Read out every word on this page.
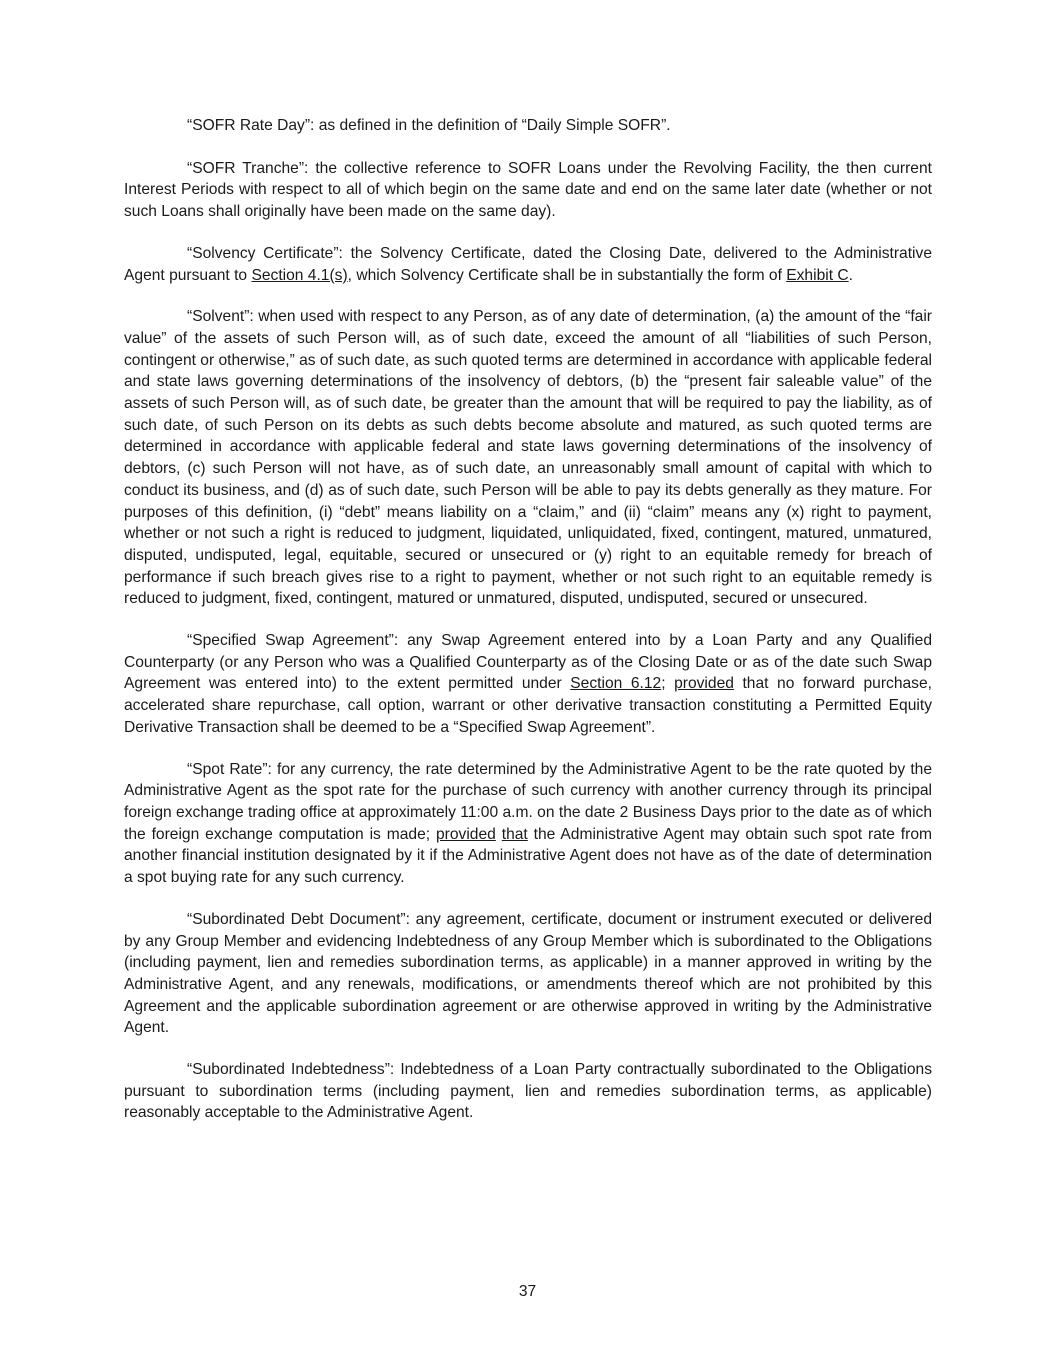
“SOFR Rate Day”: as defined in the definition of “Daily Simple SOFR”.

“SOFR Tranche”: the collective reference to SOFR Loans under the Revolving Facility, the then current Interest Periods with respect to all of which begin on the same date and end on the same later date (whether or not such Loans shall originally have been made on the same day).

“Solvency Certificate”: the Solvency Certificate, dated the Closing Date, delivered to the Administrative Agent pursuant to Section 4.1(s), which Solvency Certificate shall be in substantially the form of Exhibit C.

“Solvent”: when used with respect to any Person, as of any date of determination, (a) the amount of the “fair value” of the assets of such Person will, as of such date, exceed the amount of all “liabilities of such Person, contingent or otherwise,” as of such date, as such quoted terms are determined in accordance with applicable federal and state laws governing determinations of the insolvency of debtors, (b) the “present fair saleable value” of the assets of such Person will, as of such date, be greater than the amount that will be required to pay the liability, as of such date, of such Person on its debts as such debts become absolute and matured, as such quoted terms are determined in accordance with applicable federal and state laws governing determinations of the insolvency of debtors, (c) such Person will not have, as of such date, an unreasonably small amount of capital with which to conduct its business, and (d) as of such date, such Person will be able to pay its debts generally as they mature. For purposes of this definition, (i) “debt” means liability on a “claim,” and (ii) “claim” means any (x) right to payment, whether or not such a right is reduced to judgment, liquidated, unliquidated, fixed, contingent, matured, unmatured, disputed, undisputed, legal, equitable, secured or unsecured or (y) right to an equitable remedy for breach of performance if such breach gives rise to a right to payment, whether or not such right to an equitable remedy is reduced to judgment, fixed, contingent, matured or unmatured, disputed, undisputed, secured or unsecured.

“Specified Swap Agreement”: any Swap Agreement entered into by a Loan Party and any Qualified Counterparty (or any Person who was a Qualified Counterparty as of the Closing Date or as of the date such Swap Agreement was entered into) to the extent permitted under Section 6.12; provided that no forward purchase, accelerated share repurchase, call option, warrant or other derivative transaction constituting a Permitted Equity Derivative Transaction shall be deemed to be a “Specified Swap Agreement”.

“Spot Rate”: for any currency, the rate determined by the Administrative Agent to be the rate quoted by the Administrative Agent as the spot rate for the purchase of such currency with another currency through its principal foreign exchange trading office at approximately 11:00 a.m. on the date 2 Business Days prior to the date as of which the foreign exchange computation is made; provided that the Administrative Agent may obtain such spot rate from another financial institution designated by it if the Administrative Agent does not have as of the date of determination a spot buying rate for any such currency.

“Subordinated Debt Document”: any agreement, certificate, document or instrument executed or delivered by any Group Member and evidencing Indebtedness of any Group Member which is subordinated to the Obligations (including payment, lien and remedies subordination terms, as applicable) in a manner approved in writing by the Administrative Agent, and any renewals, modifications, or amendments thereof which are not prohibited by this Agreement and the applicable subordination agreement or are otherwise approved in writing by the Administrative Agent.

“Subordinated Indebtedness”: Indebtedness of a Loan Party contractually subordinated to the Obligations pursuant to subordination terms (including payment, lien and remedies subordination terms, as applicable) reasonably acceptable to the Administrative Agent.

37
